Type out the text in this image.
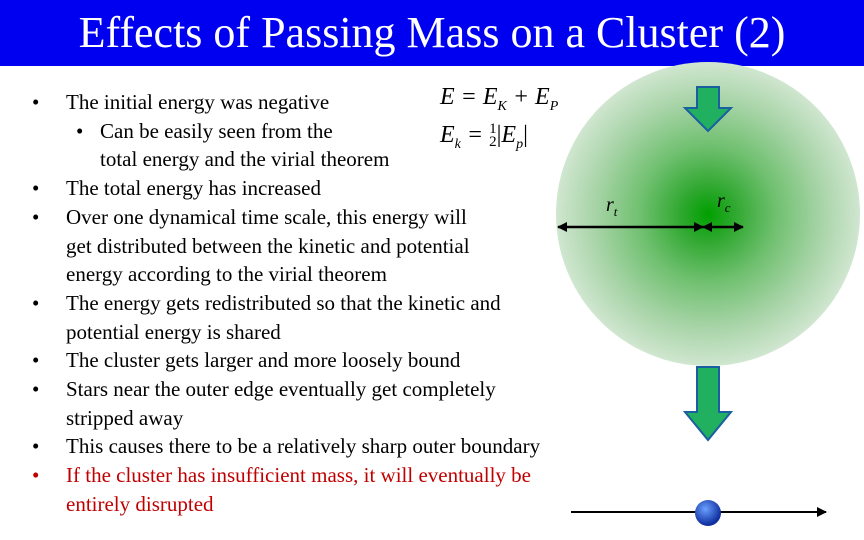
Effects of Passing Mass on a Cluster (2)
$E = E_K + E_P$
$E_k = 1$
$2|E_p|$
$r_t$	$r_c$
• The initial energy was negative
• Can be easily seen from the
total energy and the virial theorem
• The total energy has increased
• Over one dynamical time scale, this energy will
get distributed between the kinetic and potential
energy according to the virial theorem
• The energy gets redistributed so that the kinetic and
potential energy is shared
• The cluster gets larger and more loosely bound
• Stars near the outer edge eventually get completely
stripped away
• This causes there to be a relatively sharp outer boundary
• If the cluster has insufficient mass, it will eventually be
entirely disrupted
